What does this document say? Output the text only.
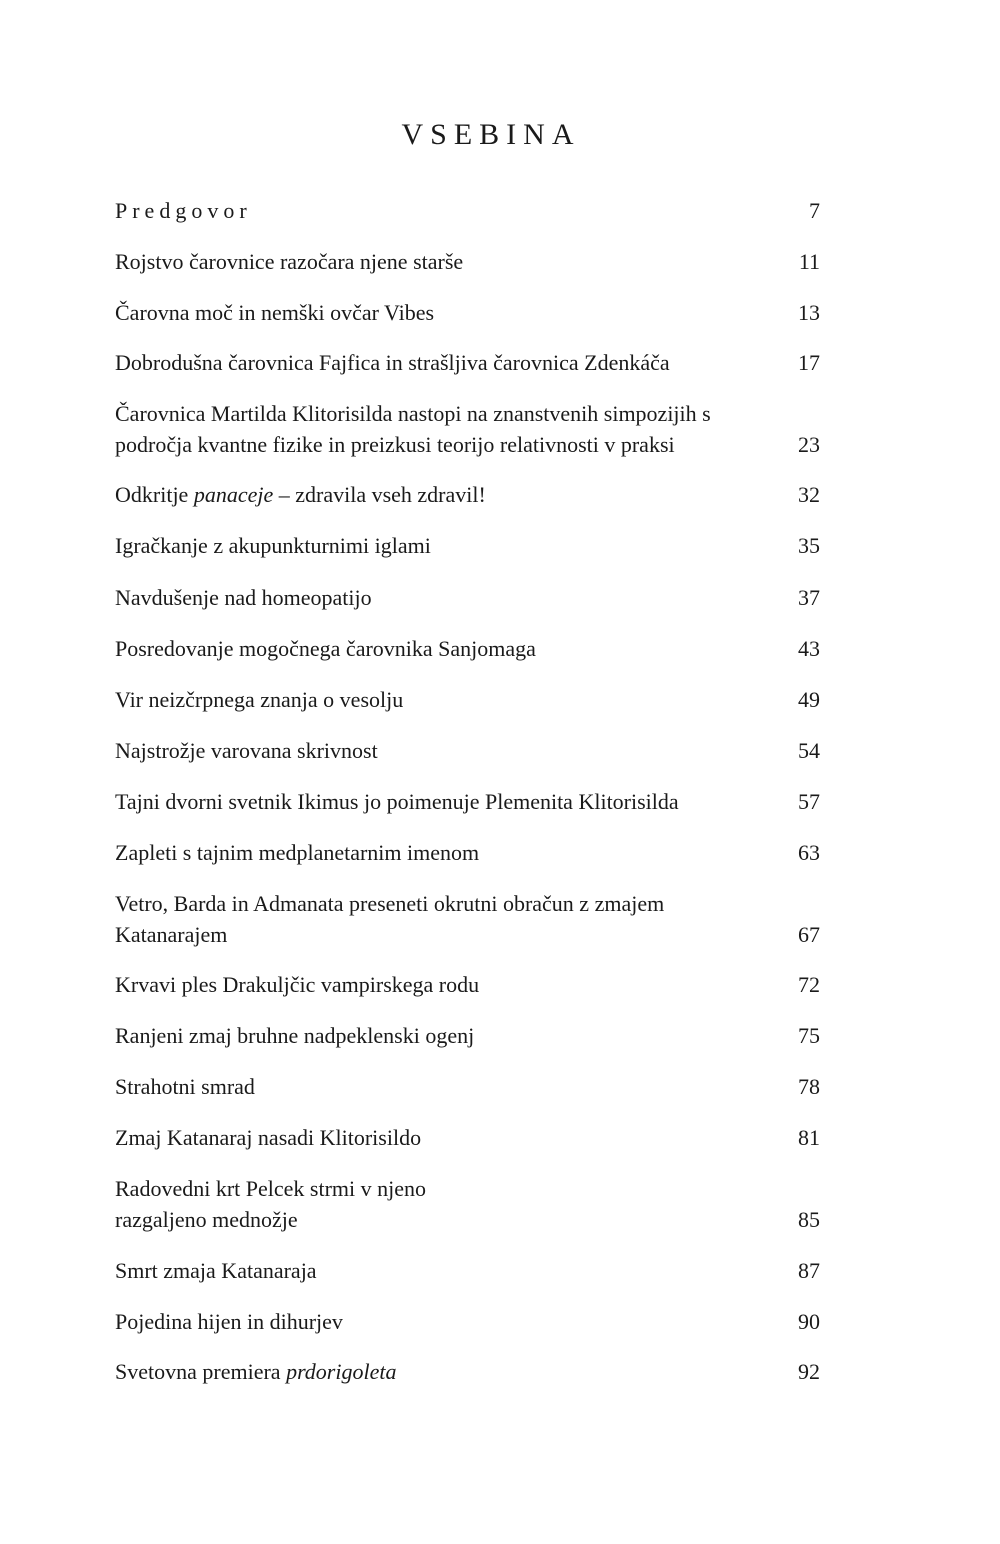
VSEBINA
Predgovor	7
Rojstvo čarovnice razočara njene starše	11
Čarovna moč in nemški ovčar Vibes	13
Dobrodušna čarovnica Fajfica in strašljiva čarovnica Zdenkáča	17
Čarovnica Martilda Klitorisilda nastopi na znanstvenih simpozijih s
področja kvantne fizike in preizkusi teorijo relativnosti v praksi	23
Odkritje panaceje – zdravila vseh zdravil!	32
Igračkanje z akupunkturnimi iglami	35
Navdušenje nad homeopatijo	37
Posredovanje mogočnega čarovnika Sanjomaga	43
Vir neizčrpnega znanja o vesolju	49
Najstrožje varovana skrivnost	54
Tajni dvorni svetnik Ikimus jo poimenuje Plemenita Klitorisilda	57
Zapleti s tajnim medplanetarnim imenom	63
Vetro, Barda in Admanata preseneti okrutni obračun z zmajem
Katanarajem	67
Krvavi ples Drakuljčic vampirskega rodu	72
Ranjeni zmaj bruhne nadpeklenski ogenj	75
Strahotni smrad	78
Zmaj Katanaraj nasadi Klitorisildo	81
Radovedni krt Pelcek strmi v njeno
razgaljeno mednožje	85
Smrt zmaja Katanaraja	87
Pojedina hijen in dihurjev	90
Svetovna premiera prdorigoleta	92
